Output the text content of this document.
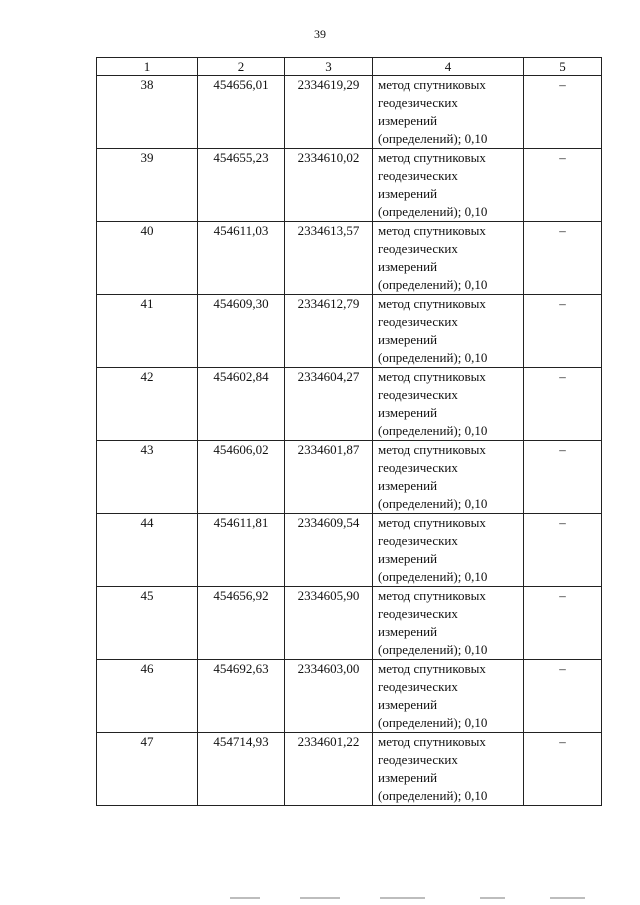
39
1	2	3	4	5
38	454656,01	2334619,29	метод спутниковых
геодезических
измерений
(определений); 0,10	–
39	454655,23	2334610,02	метод спутниковых
геодезических
измерений
(определений); 0,10	–
40	454611,03	2334613,57	метод спутниковых
геодезических
измерений
(определений); 0,10	–
41	454609,30	2334612,79	метод спутниковых
геодезических
измерений
(определений); 0,10	–
42	454602,84	2334604,27	метод спутниковых
геодезических
измерений
(определений); 0,10	–
43	454606,02	2334601,87	метод спутниковых
геодезических
измерений
(определений); 0,10	–
44	454611,81	2334609,54	метод спутниковых
геодезических
измерений
(определений); 0,10	–
45	454656,92	2334605,90	метод спутниковых
геодезических
измерений
(определений); 0,10	–
46	454692,63	2334603,00	метод спутниковых
геодезических
измерений
(определений); 0,10	–
47	454714,93	2334601,22	метод спутниковых
геодезических
измерений
(определений); 0,10	–
